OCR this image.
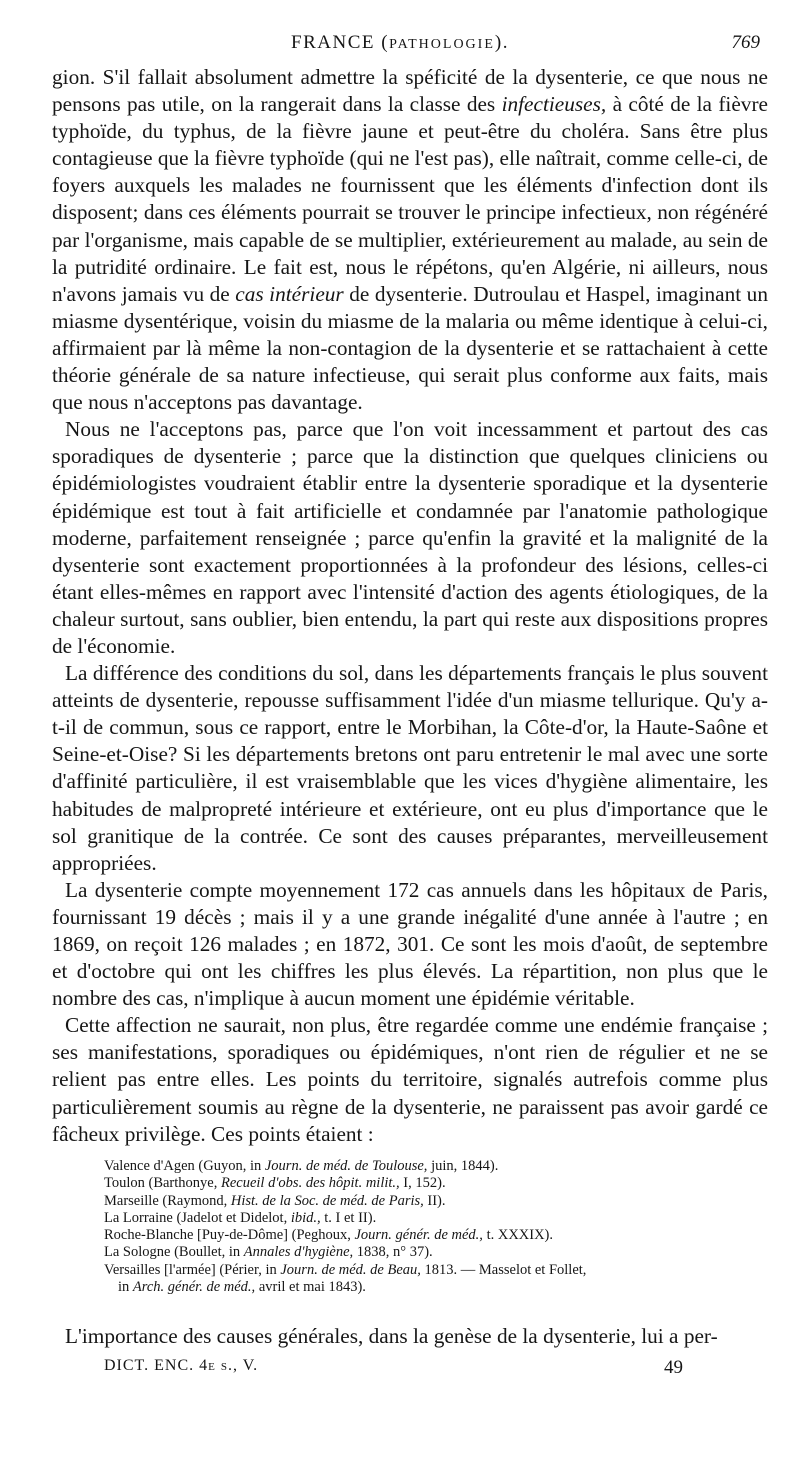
FRANCE (PATHOLOGIE).	769

gion. S'il fallait absolument admettre la spéficité de la dysenterie, ce que nous ne pensons pas utile, on la rangerait dans la classe des infectieuses, à côté de la fièvre typhoïde, du typhus, de la fièvre jaune et peut-être du choléra. Sans être plus contagieuse que la fièvre typhoïde (qui ne l'est pas), elle naîtrait, comme celle-ci, de foyers auxquels les malades ne fournissent que les éléments d'infection dont ils disposent; dans ces éléments pourrait se trouver le principe infectieux, non régénéré par l'organisme, mais capable de se multiplier, extérieurement au malade, au sein de la putridité ordinaire. Le fait est, nous le répétons, qu'en Algérie, ni ailleurs, nous n'avons jamais vu de cas intérieur de dysenterie. Dutroulau et Haspel, imaginant un miasme dysentérique, voisin du miasme de la malaria ou même identique à celui-ci, affirmaient par là même la non-contagion de la dysenterie et se rattachaient à cette théorie générale de sa nature infectieuse, qui serait plus conforme aux faits, mais que nous n'acceptons pas davantage.

Nous ne l'acceptons pas, parce que l'on voit incessamment et partout des cas sporadiques de dysenterie ; parce que la distinction que quelques cliniciens ou épidémiologistes voudraient établir entre la dysenterie sporadique et la dysenterie épidémique est tout à fait artificielle et condamnée par l'anatomie pathologique moderne, parfaitement renseignée ; parce qu'enfin la gravité et la malignité de la dysenterie sont exactement proportionnées à la profondeur des lésions, celles-ci étant elles-mêmes en rapport avec l'intensité d'action des agents étiologiques, de la chaleur surtout, sans oublier, bien entendu, la part qui reste aux dispositions propres de l'économie.

La différence des conditions du sol, dans les départements français le plus souvent atteints de dysenterie, repousse suffisamment l'idée d'un miasme tellurique. Qu'y a-t-il de commun, sous ce rapport, entre le Morbihan, la Côte-d'or, la Haute-Saône et Seine-et-Oise? Si les départements bretons ont paru entretenir le mal avec une sorte d'affinité particulière, il est vraisemblable que les vices d'hygiène alimentaire, les habitudes de malpropreté intérieure et extérieure, ont eu plus d'importance que le sol granitique de la contrée. Ce sont des causes préparantes, merveilleusement appropriées.

La dysenterie compte moyennement 172 cas annuels dans les hôpitaux de Paris, fournissant 19 décès ; mais il y a une grande inégalité d'une année à l'autre ; en 1869, on reçoit 126 malades ; en 1872, 301. Ce sont les mois d'août, de septembre et d'octobre qui ont les chiffres les plus élevés. La répartition, non plus que le nombre des cas, n'implique à aucun moment une épidémie véritable.

Cette affection ne saurait, non plus, être regardée comme une endémie française ; ses manifestations, sporadiques ou épidémiques, n'ont rien de régulier et ne se relient pas entre elles. Les points du territoire, signalés autrefois comme plus particulièrement soumis au règne de la dysenterie, ne paraissent pas avoir gardé ce fâcheux privilège. Ces points étaient :

Valence d'Agen (Guyon, in Journ. de méd. de Toulouse, juin, 1844).
Toulon (Barthonye, Recueil d'obs. des hôpit. milit., I, 152).
Marseille (Raymond, Hist. de la Soc. de méd. de Paris, II).
La Lorraine (Jadelot et Didelot, ibid., t. I et II).
Roche-Blanche [Puy-de-Dôme] (Peghoux, Journ. génér. de méd., t. XXXIX).
La Sologne (Boullet, in Annales d'hygiène, 1838, n° 37).
Versailles [l'armée] (Périer, in Journ. de méd. de Beau, 1813. — Masselot et Follet,
in Arch. génér. de méd., avril et mai 1843).
L'importance des causes générales, dans la genèse de la dysenterie, lui a per-
DICT. ENC. 4e s., V.	49
